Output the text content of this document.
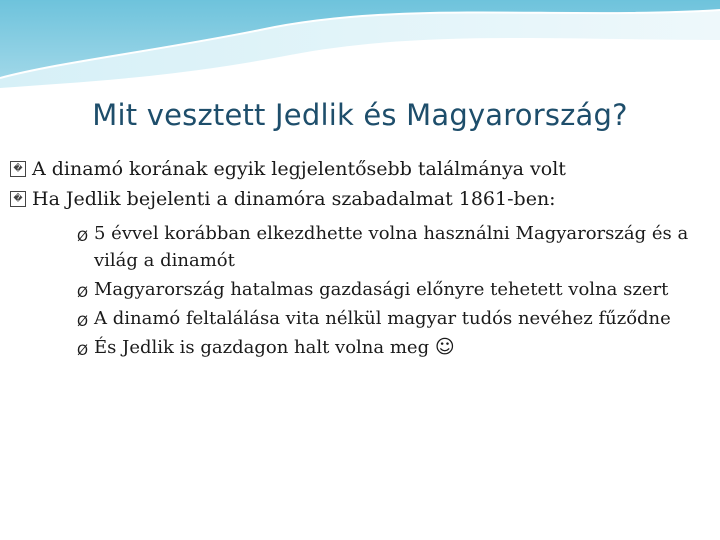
Mit vesztett Jedlik és Magyarország?
� A dinamó korának egyik legjelentősebb találmánya volt
� Ha Jedlik bejelenti a dinamóra szabadalmat 1861-ben:
Ø 5 évvel korábban elkezdhette volna használni Magyarország és a világ a dinamót
Ø Magyarország hatalmas gazdasági előnyre tehetett volna szert
Ø A dinamó feltalálása vita nélkül magyar tudós nevéhez fűződne
Ø És Jedlik is gazdagon halt volna meg ☺
